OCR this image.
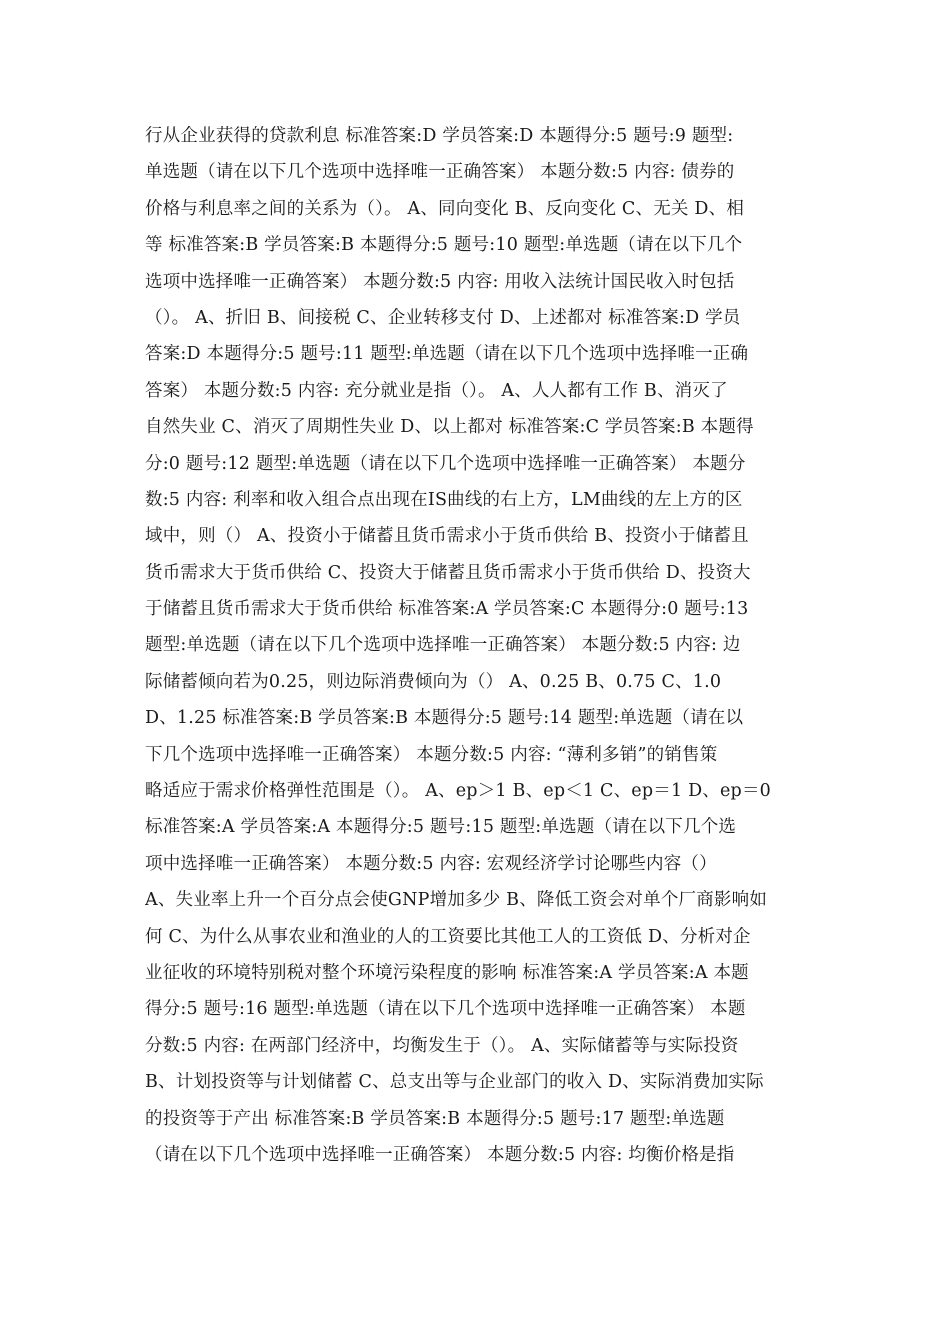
行从企业获得的贷款利息 标准答案:D 学员答案:D 本题得分:5 题号:9 题型:
单选题（请在以下几个选项中选择唯一正确答案） 本题分数:5 内容: 债券的
价格与利息率之间的关系为（）。 A、同向变化 B、反向变化 C、无关 D、相
等 标准答案:B 学员答案:B 本题得分:5 题号:10 题型:单选题（请在以下几个
选项中选择唯一正确答案） 本题分数:5 内容: 用收入法统计国民收入时包括
（）。 A、折旧 B、间接税 C、企业转移支付 D、上述都对 标准答案:D 学员
答案:D 本题得分:5 题号:11 题型:单选题（请在以下几个选项中选择唯一正确
答案） 本题分数:5 内容: 充分就业是指（）。 A、人人都有工作 B、消灭了
自然失业 C、消灭了周期性失业 D、以上都对 标准答案:C 学员答案:B 本题得
分:0 题号:12 题型:单选题（请在以下几个选项中选择唯一正确答案） 本题分
数:5 内容: 利率和收入组合点出现在IS曲线的右上方，LM曲线的左上方的区
域中，则（） A、投资小于储蓄且货币需求小于货币供给 B、投资小于储蓄且
货币需求大于货币供给 C、投资大于储蓄且货币需求小于货币供给 D、投资大
于储蓄且货币需求大于货币供给 标准答案:A 学员答案:C 本题得分:0 题号:13
题型:单选题（请在以下几个选项中选择唯一正确答案） 本题分数:5 内容: 边
际储蓄倾向若为0.25，则边际消费倾向为（） A、0.25 B、0.75 C、1.0
D、1.25 标准答案:B 学员答案:B 本题得分:5 题号:14 题型:单选题（请在以
下几个选项中选择唯一正确答案） 本题分数:5 内容: “薄利多销”的销售策
略适应于需求价格弹性范围是（）。 A、ep＞1 B、ep＜1 C、ep＝1 D、ep＝0
标准答案:A 学员答案:A 本题得分:5 题号:15 题型:单选题（请在以下几个选
项中选择唯一正确答案） 本题分数:5 内容: 宏观经济学讨论哪些内容（）
A、失业率上升一个百分点会使GNP增加多少 B、降低工资会对单个厂商影响如
何 C、为什么从事农业和渔业的人的工资要比其他工人的工资低 D、分析对企
业征收的环境特别税对整个环境污染程度的影响 标准答案:A 学员答案:A 本题
得分:5 题号:16 题型:单选题（请在以下几个选项中选择唯一正确答案） 本题
分数:5 内容: 在两部门经济中，均衡发生于（）。 A、实际储蓄等与实际投资
B、计划投资等与计划储蓄 C、总支出等与企业部门的收入 D、实际消费加实际
的投资等于产出 标准答案:B 学员答案:B 本题得分:5 题号:17 题型:单选题
（请在以下几个选项中选择唯一正确答案） 本题分数:5 内容: 均衡价格是指
